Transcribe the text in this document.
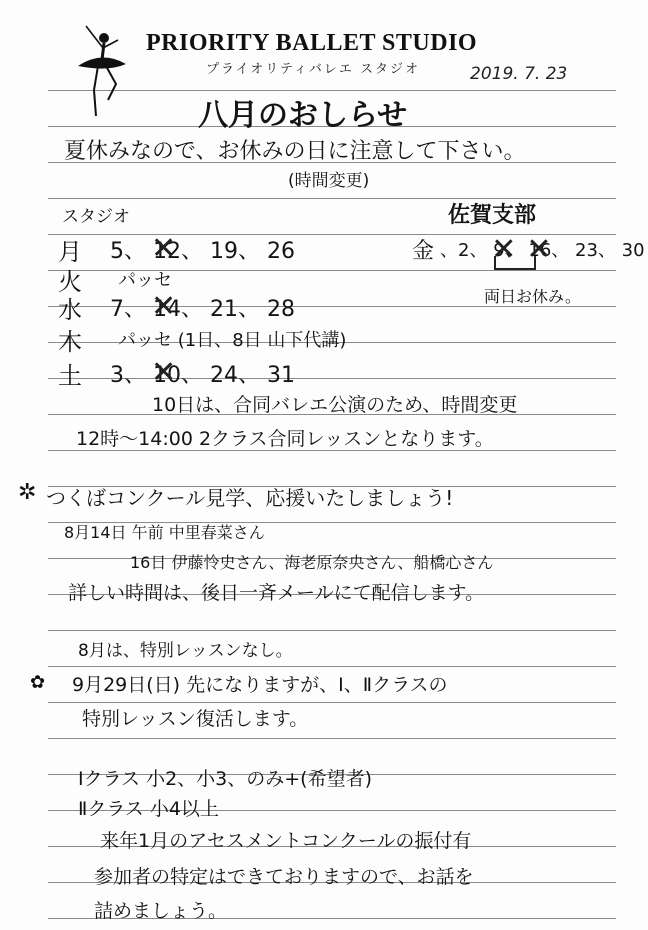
PRIORITY BALLET STUDIO
プライオリティバレエ スタジオ	2019. 7. 23
八月のおしらせ
夏休みなので、お休みの日に注意して下さい。
(時間変更)
スタジオ	佐賀支部
月 5、 12 ✕、 19、 26	金 、2、 9 ✕、 16 ✕、 23、 30
両日お休み。
火 パッセ
水 7、 14 ✕、 21、 28
木 パッセ (1日、8日 山下代講)
土 3、 10 ✕、 24、 31
10日は、合同バレエ公演のため、時間変更
12時〜14:00 2クラス合同レッスンとなります。
✲ つくばコンクール見学、応援いたしましょう!
8月14日 午前 中里春菜さん
16日 伊藤怜史さん、海老原奈央さん、船橋心さん
詳しい時間は、後日一斉メールにて配信します。
8月は、特別レッスンなし。
✿ 9月29日(日) 先になりますが、Ⅰ、Ⅱクラスの
特別レッスン復活します。
Ⅰクラス 小2、小3、のみ+(希望者)
Ⅱクラス 小4以上
来年1月のアセスメントコンクールの振付有
参加者の特定はできておりますので、お話を
詰めましょう。
